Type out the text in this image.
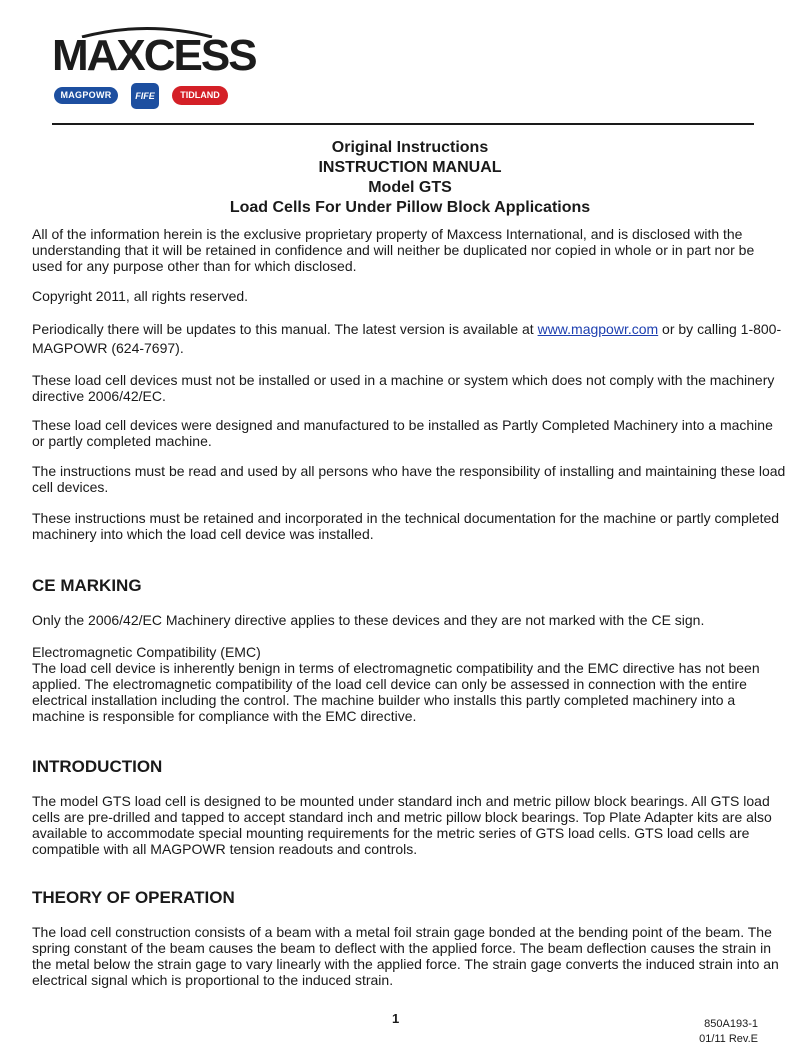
MAXCESS
MAGPOWR	FIFE	TIDLAND
Original Instructions
INSTRUCTION MANUAL
Model GTS
Load Cells For Under Pillow Block Applications

All of the information herein is the exclusive proprietary property of Maxcess International, and is disclosed with the understanding that it will be retained in confidence and will neither be duplicated nor copied in whole or in part nor be used for any purpose other than for which disclosed.

Copyright 2011, all rights reserved.

Periodically there will be updates to this manual. The latest version is available at www.magpowr.com or by calling 1-800-MAGPOWR (624-7697).

These load cell devices must not be installed or used in a machine or system which does not comply with the machinery directive 2006/42/EC.

These load cell devices were designed and manufactured to be installed as Partly Completed Machinery into a machine or partly completed machine.

The instructions must be read and used by all persons who have the responsibility of installing and maintaining these load cell devices.

These instructions must be retained and incorporated in the technical documentation for the machine or partly completed machinery into which the load cell device was installed.

CE MARKING

Only the 2006/42/EC Machinery directive applies to these devices and they are not marked with the CE sign.

Electromagnetic Compatibility (EMC)

The load cell device is inherently benign in terms of electromagnetic compatibility and the EMC directive has not been applied. The electromagnetic compatibility of the load cell device can only be assessed in connection with the entire electrical installation including the control. The machine builder who installs this partly completed machinery into a machine is responsible for compliance with the EMC directive.

INTRODUCTION

The model GTS load cell is designed to be mounted under standard inch and metric pillow block bearings. All GTS load cells are pre-drilled and tapped to accept standard inch and metric pillow block bearings. Top Plate Adapter kits are also available to accommodate special mounting requirements for the metric series of GTS load cells. GTS load cells are compatible with all MAGPOWR tension readouts and controls.

THEORY OF OPERATION

The load cell construction consists of a beam with a metal foil strain gage bonded at the bending point of the beam. The spring constant of the beam causes the beam to deflect with the applied force. The beam deflection causes the strain in the metal below the strain gage to vary linearly with the applied force. The strain gage converts the induced strain into an electrical signal which is proportional to the induced strain.

1	850A193-1
01/11 Rev.E
